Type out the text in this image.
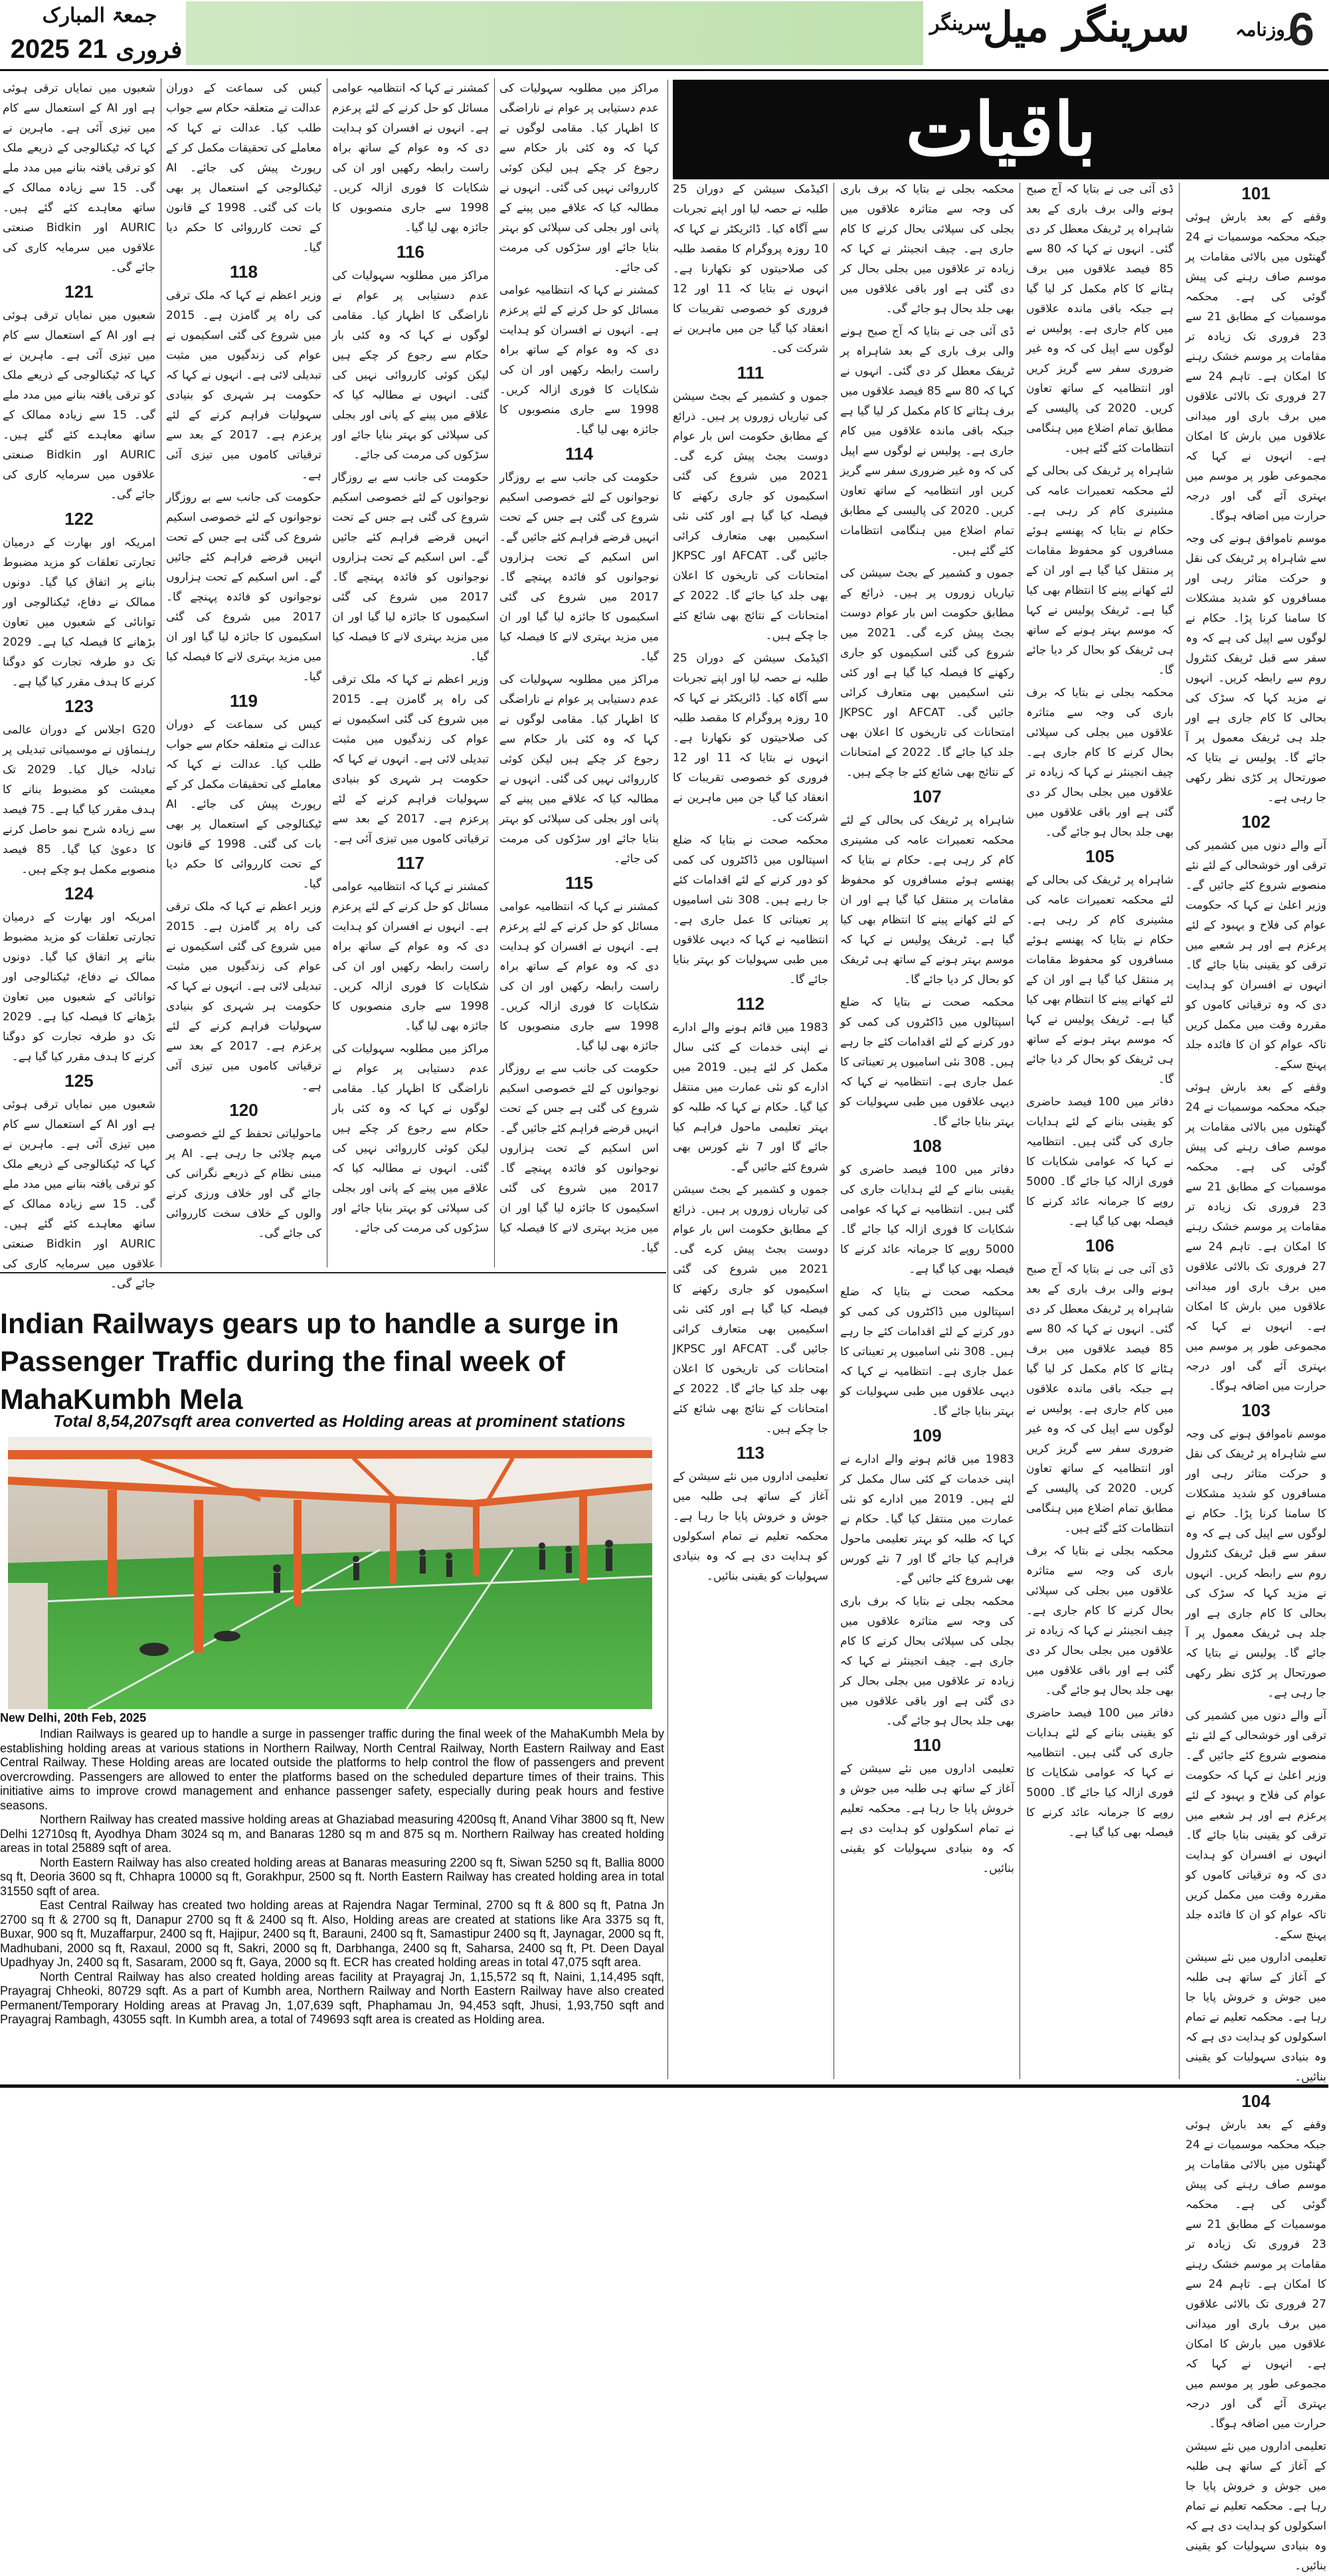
جمعۃ المبارک
2025 فروری 21
سرینگر
سرینگر میل روزنامہ
6
باقیات
101

وقفے کے بعد بارش ہوئی جبکہ محکمہ موسمیات نے 24 گھنٹوں میں بالائی مقامات پر موسم صاف رہنے کی پیش گوئی کی ہے۔ محکمہ موسمیات کے مطابق 21 سے 23 فروری تک زیادہ تر مقامات پر موسم خشک رہنے کا امکان ہے۔ تاہم 24 سے 27 فروری تک بالائی علاقوں میں برف باری اور میدانی علاقوں میں بارش کا امکان ہے۔ انہوں نے کہا کہ مجموعی طور پر موسم میں بہتری آئے گی اور درجہ حرارت میں اضافہ ہوگا۔

موسم ناموافق ہونے کی وجہ سے شاہراہ پر ٹریفک کی نقل و حرکت متاثر رہی اور مسافروں کو شدید مشکلات کا سامنا کرنا پڑا۔ حکام نے لوگوں سے اپیل کی ہے کہ وہ سفر سے قبل ٹریفک کنٹرول روم سے رابطہ کریں۔ انہوں نے مزید کہا کہ سڑک کی بحالی کا کام جاری ہے اور جلد ہی ٹریفک معمول پر آ جائے گا۔ پولیس نے بتایا کہ صورتحال پر کڑی نظر رکھی جا رہی ہے۔

102

آنے والے دنوں میں کشمیر کی ترقی اور خوشحالی کے لئے نئے منصوبے شروع کئے جائیں گے۔ وزیر اعلیٰ نے کہا کہ حکومت عوام کی فلاح و بہبود کے لئے پرعزم ہے اور ہر شعبے میں ترقی کو یقینی بنایا جائے گا۔ انہوں نے افسران کو ہدایت دی کہ وہ ترقیاتی کاموں کو مقررہ وقت میں مکمل کریں تاکہ عوام کو ان کا فائدہ جلد پہنچ سکے۔

وقفے کے بعد بارش ہوئی جبکہ محکمہ موسمیات نے 24 گھنٹوں میں بالائی مقامات پر موسم صاف رہنے کی پیش گوئی کی ہے۔ محکمہ موسمیات کے مطابق 21 سے 23 فروری تک زیادہ تر مقامات پر موسم خشک رہنے کا امکان ہے۔ تاہم 24 سے 27 فروری تک بالائی علاقوں میں برف باری اور میدانی علاقوں میں بارش کا امکان ہے۔ انہوں نے کہا کہ مجموعی طور پر موسم میں بہتری آئے گی اور درجہ حرارت میں اضافہ ہوگا۔

103

موسم ناموافق ہونے کی وجہ سے شاہراہ پر ٹریفک کی نقل و حرکت متاثر رہی اور مسافروں کو شدید مشکلات کا سامنا کرنا پڑا۔ حکام نے لوگوں سے اپیل کی ہے کہ وہ سفر سے قبل ٹریفک کنٹرول روم سے رابطہ کریں۔ انہوں نے مزید کہا کہ سڑک کی بحالی کا کام جاری ہے اور جلد ہی ٹریفک معمول پر آ جائے گا۔ پولیس نے بتایا کہ صورتحال پر کڑی نظر رکھی جا رہی ہے۔

آنے والے دنوں میں کشمیر کی ترقی اور خوشحالی کے لئے نئے منصوبے شروع کئے جائیں گے۔ وزیر اعلیٰ نے کہا کہ حکومت عوام کی فلاح و بہبود کے لئے پرعزم ہے اور ہر شعبے میں ترقی کو یقینی بنایا جائے گا۔ انہوں نے افسران کو ہدایت دی کہ وہ ترقیاتی کاموں کو مقررہ وقت میں مکمل کریں تاکہ عوام کو ان کا فائدہ جلد پہنچ سکے۔

تعلیمی اداروں میں نئے سیشن کے آغاز کے ساتھ ہی طلبہ میں جوش و خروش پایا جا رہا ہے۔ محکمہ تعلیم نے تمام اسکولوں کو ہدایت دی ہے کہ وہ بنیادی سہولیات کو یقینی بنائیں۔

104

وقفے کے بعد بارش ہوئی جبکہ محکمہ موسمیات نے 24 گھنٹوں میں بالائی مقامات پر موسم صاف رہنے کی پیش گوئی کی ہے۔ محکمہ موسمیات کے مطابق 21 سے 23 فروری تک زیادہ تر مقامات پر موسم خشک رہنے کا امکان ہے۔ تاہم 24 سے 27 فروری تک بالائی علاقوں میں برف باری اور میدانی علاقوں میں بارش کا امکان ہے۔ انہوں نے کہا کہ مجموعی طور پر موسم میں بہتری آئے گی اور درجہ حرارت میں اضافہ ہوگا۔

تعلیمی اداروں میں نئے سیشن کے آغاز کے ساتھ ہی طلبہ میں جوش و خروش پایا جا رہا ہے۔ محکمہ تعلیم نے تمام اسکولوں کو ہدایت دی ہے کہ وہ بنیادی سہولیات کو یقینی بنائیں۔

ڈی آئی جی نے بتایا کہ آج صبح ہونے والی برف باری کے بعد شاہراہ پر ٹریفک معطل کر دی گئی۔ انہوں نے کہا کہ 80 سے 85 فیصد علاقوں میں برف ہٹانے کا کام مکمل کر لیا گیا ہے جبکہ باقی ماندہ علاقوں میں کام جاری ہے۔ پولیس نے لوگوں سے اپیل کی کہ وہ غیر ضروری سفر سے گریز کریں اور انتظامیہ کے ساتھ تعاون کریں۔ 2020 کی پالیسی کے مطابق تمام اضلاع میں ہنگامی انتظامات کئے گئے ہیں۔

شاہراہ پر ٹریفک کی بحالی کے لئے محکمہ تعمیرات عامہ کی مشینری کام کر رہی ہے۔ حکام نے بتایا کہ پھنسے ہوئے مسافروں کو محفوظ مقامات پر منتقل کیا گیا ہے اور ان کے لئے کھانے پینے کا انتظام بھی کیا گیا ہے۔ ٹریفک پولیس نے کہا کہ موسم بہتر ہونے کے ساتھ ہی ٹریفک کو بحال کر دیا جائے گا۔

محکمہ بجلی نے بتایا کہ برف باری کی وجہ سے متاثرہ علاقوں میں بجلی کی سپلائی بحال کرنے کا کام جاری ہے۔ چیف انجینئر نے کہا کہ زیادہ تر علاقوں میں بجلی بحال کر دی گئی ہے اور باقی علاقوں میں بھی جلد بحال ہو جائے گی۔

105

شاہراہ پر ٹریفک کی بحالی کے لئے محکمہ تعمیرات عامہ کی مشینری کام کر رہی ہے۔ حکام نے بتایا کہ پھنسے ہوئے مسافروں کو محفوظ مقامات پر منتقل کیا گیا ہے اور ان کے لئے کھانے پینے کا انتظام بھی کیا گیا ہے۔ ٹریفک پولیس نے کہا کہ موسم بہتر ہونے کے ساتھ ہی ٹریفک کو بحال کر دیا جائے گا۔

دفاتر میں 100 فیصد حاضری کو یقینی بنانے کے لئے ہدایات جاری کی گئی ہیں۔ انتظامیہ نے کہا کہ عوامی شکایات کا فوری ازالہ کیا جائے گا۔ 5000 روپے کا جرمانہ عائد کرنے کا فیصلہ بھی کیا گیا ہے۔

106

ڈی آئی جی نے بتایا کہ آج صبح ہونے والی برف باری کے بعد شاہراہ پر ٹریفک معطل کر دی گئی۔ انہوں نے کہا کہ 80 سے 85 فیصد علاقوں میں برف ہٹانے کا کام مکمل کر لیا گیا ہے جبکہ باقی ماندہ علاقوں میں کام جاری ہے۔ پولیس نے لوگوں سے اپیل کی کہ وہ غیر ضروری سفر سے گریز کریں اور انتظامیہ کے ساتھ تعاون کریں۔ 2020 کی پالیسی کے مطابق تمام اضلاع میں ہنگامی انتظامات کئے گئے ہیں۔

محکمہ بجلی نے بتایا کہ برف باری کی وجہ سے متاثرہ علاقوں میں بجلی کی سپلائی بحال کرنے کا کام جاری ہے۔ چیف انجینئر نے کہا کہ زیادہ تر علاقوں میں بجلی بحال کر دی گئی ہے اور باقی علاقوں میں بھی جلد بحال ہو جائے گی۔

دفاتر میں 100 فیصد حاضری کو یقینی بنانے کے لئے ہدایات جاری کی گئی ہیں۔ انتظامیہ نے کہا کہ عوامی شکایات کا فوری ازالہ کیا جائے گا۔ 5000 روپے کا جرمانہ عائد کرنے کا فیصلہ بھی کیا گیا ہے۔

محکمہ بجلی نے بتایا کہ برف باری کی وجہ سے متاثرہ علاقوں میں بجلی کی سپلائی بحال کرنے کا کام جاری ہے۔ چیف انجینئر نے کہا کہ زیادہ تر علاقوں میں بجلی بحال کر دی گئی ہے اور باقی علاقوں میں بھی جلد بحال ہو جائے گی۔

ڈی آئی جی نے بتایا کہ آج صبح ہونے والی برف باری کے بعد شاہراہ پر ٹریفک معطل کر دی گئی۔ انہوں نے کہا کہ 80 سے 85 فیصد علاقوں میں برف ہٹانے کا کام مکمل کر لیا گیا ہے جبکہ باقی ماندہ علاقوں میں کام جاری ہے۔ پولیس نے لوگوں سے اپیل کی کہ وہ غیر ضروری سفر سے گریز کریں اور انتظامیہ کے ساتھ تعاون کریں۔ 2020 کی پالیسی کے مطابق تمام اضلاع میں ہنگامی انتظامات کئے گئے ہیں۔

جموں و کشمیر کے بجٹ سیشن کی تیاریاں زوروں پر ہیں۔ ذرائع کے مطابق حکومت اس بار عوام دوست بجٹ پیش کرے گی۔ 2021 میں شروع کی گئی اسکیموں کو جاری رکھنے کا فیصلہ کیا گیا ہے اور کئی نئی اسکیمیں بھی متعارف کرائی جائیں گی۔ AFCAT اور JKPSC امتحانات کی تاریخوں کا اعلان بھی جلد کیا جائے گا۔ 2022 کے امتحانات کے نتائج بھی شائع کئے جا چکے ہیں۔

107

شاہراہ پر ٹریفک کی بحالی کے لئے محکمہ تعمیرات عامہ کی مشینری کام کر رہی ہے۔ حکام نے بتایا کہ پھنسے ہوئے مسافروں کو محفوظ مقامات پر منتقل کیا گیا ہے اور ان کے لئے کھانے پینے کا انتظام بھی کیا گیا ہے۔ ٹریفک پولیس نے کہا کہ موسم بہتر ہونے کے ساتھ ہی ٹریفک کو بحال کر دیا جائے گا۔

محکمہ صحت نے بتایا کہ ضلع اسپتالوں میں ڈاکٹروں کی کمی کو دور کرنے کے لئے اقدامات کئے جا رہے ہیں۔ 308 نئی اسامیوں پر تعیناتی کا عمل جاری ہے۔ انتظامیہ نے کہا کہ دیہی علاقوں میں طبی سہولیات کو بہتر بنایا جائے گا۔

108

دفاتر میں 100 فیصد حاضری کو یقینی بنانے کے لئے ہدایات جاری کی گئی ہیں۔ انتظامیہ نے کہا کہ عوامی شکایات کا فوری ازالہ کیا جائے گا۔ 5000 روپے کا جرمانہ عائد کرنے کا فیصلہ بھی کیا گیا ہے۔

محکمہ صحت نے بتایا کہ ضلع اسپتالوں میں ڈاکٹروں کی کمی کو دور کرنے کے لئے اقدامات کئے جا رہے ہیں۔ 308 نئی اسامیوں پر تعیناتی کا عمل جاری ہے۔ انتظامیہ نے کہا کہ دیہی علاقوں میں طبی سہولیات کو بہتر بنایا جائے گا۔

109

1983 میں قائم ہونے والے ادارے نے اپنی خدمات کے کئی سال مکمل کر لئے ہیں۔ 2019 میں ادارے کو نئی عمارت میں منتقل کیا گیا۔ حکام نے کہا کہ طلبہ کو بہتر تعلیمی ماحول فراہم کیا جائے گا اور 7 نئے کورس بھی شروع کئے جائیں گے۔

محکمہ بجلی نے بتایا کہ برف باری کی وجہ سے متاثرہ علاقوں میں بجلی کی سپلائی بحال کرنے کا کام جاری ہے۔ چیف انجینئر نے کہا کہ زیادہ تر علاقوں میں بجلی بحال کر دی گئی ہے اور باقی علاقوں میں بھی جلد بحال ہو جائے گی۔

110

تعلیمی اداروں میں نئے سیشن کے آغاز کے ساتھ ہی طلبہ میں جوش و خروش پایا جا رہا ہے۔ محکمہ تعلیم نے تمام اسکولوں کو ہدایت دی ہے کہ وہ بنیادی سہولیات کو یقینی بنائیں۔

اکیڈمک سیشن کے دوران 25 طلبہ نے حصہ لیا اور اپنے تجربات سے آگاہ کیا۔ ڈائریکٹر نے کہا کہ 10 روزہ پروگرام کا مقصد طلبہ کی صلاحیتوں کو نکھارنا ہے۔ انہوں نے بتایا کہ 11 اور 12 فروری کو خصوصی تقریبات کا انعقاد کیا گیا جن میں ماہرین نے شرکت کی۔

111

جموں و کشمیر کے بجٹ سیشن کی تیاریاں زوروں پر ہیں۔ ذرائع کے مطابق حکومت اس بار عوام دوست بجٹ پیش کرے گی۔ 2021 میں شروع کی گئی اسکیموں کو جاری رکھنے کا فیصلہ کیا گیا ہے اور کئی نئی اسکیمیں بھی متعارف کرائی جائیں گی۔ AFCAT اور JKPSC امتحانات کی تاریخوں کا اعلان بھی جلد کیا جائے گا۔ 2022 کے امتحانات کے نتائج بھی شائع کئے جا چکے ہیں۔

اکیڈمک سیشن کے دوران 25 طلبہ نے حصہ لیا اور اپنے تجربات سے آگاہ کیا۔ ڈائریکٹر نے کہا کہ 10 روزہ پروگرام کا مقصد طلبہ کی صلاحیتوں کو نکھارنا ہے۔ انہوں نے بتایا کہ 11 اور 12 فروری کو خصوصی تقریبات کا انعقاد کیا گیا جن میں ماہرین نے شرکت کی۔

محکمہ صحت نے بتایا کہ ضلع اسپتالوں میں ڈاکٹروں کی کمی کو دور کرنے کے لئے اقدامات کئے جا رہے ہیں۔ 308 نئی اسامیوں پر تعیناتی کا عمل جاری ہے۔ انتظامیہ نے کہا کہ دیہی علاقوں میں طبی سہولیات کو بہتر بنایا جائے گا۔

112

1983 میں قائم ہونے والے ادارے نے اپنی خدمات کے کئی سال مکمل کر لئے ہیں۔ 2019 میں ادارے کو نئی عمارت میں منتقل کیا گیا۔ حکام نے کہا کہ طلبہ کو بہتر تعلیمی ماحول فراہم کیا جائے گا اور 7 نئے کورس بھی شروع کئے جائیں گے۔

جموں و کشمیر کے بجٹ سیشن کی تیاریاں زوروں پر ہیں۔ ذرائع کے مطابق حکومت اس بار عوام دوست بجٹ پیش کرے گی۔ 2021 میں شروع کی گئی اسکیموں کو جاری رکھنے کا فیصلہ کیا گیا ہے اور کئی نئی اسکیمیں بھی متعارف کرائی جائیں گی۔ AFCAT اور JKPSC امتحانات کی تاریخوں کا اعلان بھی جلد کیا جائے گا۔ 2022 کے امتحانات کے نتائج بھی شائع کئے جا چکے ہیں۔

113

تعلیمی اداروں میں نئے سیشن کے آغاز کے ساتھ ہی طلبہ میں جوش و خروش پایا جا رہا ہے۔ محکمہ تعلیم نے تمام اسکولوں کو ہدایت دی ہے کہ وہ بنیادی سہولیات کو یقینی بنائیں۔

مراکز میں مطلوبہ سہولیات کی عدم دستیابی پر عوام نے ناراضگی کا اظہار کیا۔ مقامی لوگوں نے کہا کہ وہ کئی بار حکام سے رجوع کر چکے ہیں لیکن کوئی کارروائی نہیں کی گئی۔ انہوں نے مطالبہ کیا کہ علاقے میں پینے کے پانی اور بجلی کی سپلائی کو بہتر بنایا جائے اور سڑکوں کی مرمت کی جائے۔

کمشنر نے کہا کہ انتظامیہ عوامی مسائل کو حل کرنے کے لئے پرعزم ہے۔ انہوں نے افسران کو ہدایت دی کہ وہ عوام کے ساتھ براہ راست رابطہ رکھیں اور ان کی شکایات کا فوری ازالہ کریں۔ 1998 سے جاری منصوبوں کا جائزہ بھی لیا گیا۔

114

حکومت کی جانب سے بے روزگار نوجوانوں کے لئے خصوصی اسکیم شروع کی گئی ہے جس کے تحت انہیں قرضے فراہم کئے جائیں گے۔ اس اسکیم کے تحت ہزاروں نوجوانوں کو فائدہ پہنچے گا۔ 2017 میں شروع کی گئی اسکیموں کا جائزہ لیا گیا اور ان میں مزید بہتری لانے کا فیصلہ کیا گیا۔

مراکز میں مطلوبہ سہولیات کی عدم دستیابی پر عوام نے ناراضگی کا اظہار کیا۔ مقامی لوگوں نے کہا کہ وہ کئی بار حکام سے رجوع کر چکے ہیں لیکن کوئی کارروائی نہیں کی گئی۔ انہوں نے مطالبہ کیا کہ علاقے میں پینے کے پانی اور بجلی کی سپلائی کو بہتر بنایا جائے اور سڑکوں کی مرمت کی جائے۔

115

کمشنر نے کہا کہ انتظامیہ عوامی مسائل کو حل کرنے کے لئے پرعزم ہے۔ انہوں نے افسران کو ہدایت دی کہ وہ عوام کے ساتھ براہ راست رابطہ رکھیں اور ان کی شکایات کا فوری ازالہ کریں۔ 1998 سے جاری منصوبوں کا جائزہ بھی لیا گیا۔

حکومت کی جانب سے بے روزگار نوجوانوں کے لئے خصوصی اسکیم شروع کی گئی ہے جس کے تحت انہیں قرضے فراہم کئے جائیں گے۔ اس اسکیم کے تحت ہزاروں نوجوانوں کو فائدہ پہنچے گا۔ 2017 میں شروع کی گئی اسکیموں کا جائزہ لیا گیا اور ان میں مزید بہتری لانے کا فیصلہ کیا گیا۔

کمشنر نے کہا کہ انتظامیہ عوامی مسائل کو حل کرنے کے لئے پرعزم ہے۔ انہوں نے افسران کو ہدایت دی کہ وہ عوام کے ساتھ براہ راست رابطہ رکھیں اور ان کی شکایات کا فوری ازالہ کریں۔ 1998 سے جاری منصوبوں کا جائزہ بھی لیا گیا۔

116

مراکز میں مطلوبہ سہولیات کی عدم دستیابی پر عوام نے ناراضگی کا اظہار کیا۔ مقامی لوگوں نے کہا کہ وہ کئی بار حکام سے رجوع کر چکے ہیں لیکن کوئی کارروائی نہیں کی گئی۔ انہوں نے مطالبہ کیا کہ علاقے میں پینے کے پانی اور بجلی کی سپلائی کو بہتر بنایا جائے اور سڑکوں کی مرمت کی جائے۔

حکومت کی جانب سے بے روزگار نوجوانوں کے لئے خصوصی اسکیم شروع کی گئی ہے جس کے تحت انہیں قرضے فراہم کئے جائیں گے۔ اس اسکیم کے تحت ہزاروں نوجوانوں کو فائدہ پہنچے گا۔ 2017 میں شروع کی گئی اسکیموں کا جائزہ لیا گیا اور ان میں مزید بہتری لانے کا فیصلہ کیا گیا۔

وزیر اعظم نے کہا کہ ملک ترقی کی راہ پر گامزن ہے۔ 2015 میں شروع کی گئی اسکیموں نے عوام کی زندگیوں میں مثبت تبدیلی لائی ہے۔ انہوں نے کہا کہ حکومت ہر شہری کو بنیادی سہولیات فراہم کرنے کے لئے پرعزم ہے۔ 2017 کے بعد سے ترقیاتی کاموں میں تیزی آئی ہے۔

117

کمشنر نے کہا کہ انتظامیہ عوامی مسائل کو حل کرنے کے لئے پرعزم ہے۔ انہوں نے افسران کو ہدایت دی کہ وہ عوام کے ساتھ براہ راست رابطہ رکھیں اور ان کی شکایات کا فوری ازالہ کریں۔ 1998 سے جاری منصوبوں کا جائزہ بھی لیا گیا۔

مراکز میں مطلوبہ سہولیات کی عدم دستیابی پر عوام نے ناراضگی کا اظہار کیا۔ مقامی لوگوں نے کہا کہ وہ کئی بار حکام سے رجوع کر چکے ہیں لیکن کوئی کارروائی نہیں کی گئی۔ انہوں نے مطالبہ کیا کہ علاقے میں پینے کے پانی اور بجلی کی سپلائی کو بہتر بنایا جائے اور سڑکوں کی مرمت کی جائے۔

کیس کی سماعت کے دوران عدالت نے متعلقہ حکام سے جواب طلب کیا۔ عدالت نے کہا کہ معاملے کی تحقیقات مکمل کر کے رپورٹ پیش کی جائے۔ AI ٹیکنالوجی کے استعمال پر بھی بات کی گئی۔ 1998 کے قانون کے تحت کارروائی کا حکم دیا گیا۔

118

وزیر اعظم نے کہا کہ ملک ترقی کی راہ پر گامزن ہے۔ 2015 میں شروع کی گئی اسکیموں نے عوام کی زندگیوں میں مثبت تبدیلی لائی ہے۔ انہوں نے کہا کہ حکومت ہر شہری کو بنیادی سہولیات فراہم کرنے کے لئے پرعزم ہے۔ 2017 کے بعد سے ترقیاتی کاموں میں تیزی آئی ہے۔

حکومت کی جانب سے بے روزگار نوجوانوں کے لئے خصوصی اسکیم شروع کی گئی ہے جس کے تحت انہیں قرضے فراہم کئے جائیں گے۔ اس اسکیم کے تحت ہزاروں نوجوانوں کو فائدہ پہنچے گا۔ 2017 میں شروع کی گئی اسکیموں کا جائزہ لیا گیا اور ان میں مزید بہتری لانے کا فیصلہ کیا گیا۔

119

کیس کی سماعت کے دوران عدالت نے متعلقہ حکام سے جواب طلب کیا۔ عدالت نے کہا کہ معاملے کی تحقیقات مکمل کر کے رپورٹ پیش کی جائے۔ AI ٹیکنالوجی کے استعمال پر بھی بات کی گئی۔ 1998 کے قانون کے تحت کارروائی کا حکم دیا گیا۔

وزیر اعظم نے کہا کہ ملک ترقی کی راہ پر گامزن ہے۔ 2015 میں شروع کی گئی اسکیموں نے عوام کی زندگیوں میں مثبت تبدیلی لائی ہے۔ انہوں نے کہا کہ حکومت ہر شہری کو بنیادی سہولیات فراہم کرنے کے لئے پرعزم ہے۔ 2017 کے بعد سے ترقیاتی کاموں میں تیزی آئی ہے۔

120

ماحولیاتی تحفظ کے لئے خصوصی مہم چلائی جا رہی ہے۔ AI پر مبنی نظام کے ذریعے نگرانی کی جائے گی اور خلاف ورزی کرنے والوں کے خلاف سخت کارروائی کی جائے گی۔

شعبوں میں نمایاں ترقی ہوئی ہے اور AI کے استعمال سے کام میں تیزی آئی ہے۔ ماہرین نے کہا کہ ٹیکنالوجی کے ذریعے ملک کو ترقی یافتہ بنانے میں مدد ملے گی۔ 15 سے زیادہ ممالک کے ساتھ معاہدے کئے گئے ہیں۔ AURIC اور Bidkin صنعتی علاقوں میں سرمایہ کاری کی جائے گی۔

121

شعبوں میں نمایاں ترقی ہوئی ہے اور AI کے استعمال سے کام میں تیزی آئی ہے۔ ماہرین نے کہا کہ ٹیکنالوجی کے ذریعے ملک کو ترقی یافتہ بنانے میں مدد ملے گی۔ 15 سے زیادہ ممالک کے ساتھ معاہدے کئے گئے ہیں۔ AURIC اور Bidkin صنعتی علاقوں میں سرمایہ کاری کی جائے گی۔

122

امریکہ اور بھارت کے درمیان تجارتی تعلقات کو مزید مضبوط بنانے پر اتفاق کیا گیا۔ دونوں ممالک نے دفاع، ٹیکنالوجی اور توانائی کے شعبوں میں تعاون بڑھانے کا فیصلہ کیا ہے۔ 2029 تک دو طرفہ تجارت کو دوگنا کرنے کا ہدف مقرر کیا گیا ہے۔

123

G20 اجلاس کے دوران عالمی رہنماؤں نے موسمیاتی تبدیلی پر تبادلہ خیال کیا۔ 2029 تک معیشت کو مضبوط بنانے کا ہدف مقرر کیا گیا ہے۔ 75 فیصد سے زیادہ شرح نمو حاصل کرنے کا دعویٰ کیا گیا۔ 85 فیصد منصوبے مکمل ہو چکے ہیں۔

124

امریکہ اور بھارت کے درمیان تجارتی تعلقات کو مزید مضبوط بنانے پر اتفاق کیا گیا۔ دونوں ممالک نے دفاع، ٹیکنالوجی اور توانائی کے شعبوں میں تعاون بڑھانے کا فیصلہ کیا ہے۔ 2029 تک دو طرفہ تجارت کو دوگنا کرنے کا ہدف مقرر کیا گیا ہے۔

125

شعبوں میں نمایاں ترقی ہوئی ہے اور AI کے استعمال سے کام میں تیزی آئی ہے۔ ماہرین نے کہا کہ ٹیکنالوجی کے ذریعے ملک کو ترقی یافتہ بنانے میں مدد ملے گی۔ 15 سے زیادہ ممالک کے ساتھ معاہدے کئے گئے ہیں۔ AURIC اور Bidkin صنعتی علاقوں میں سرمایہ کاری کی جائے گی۔

Indian Railways gears up to handle a surge in Passenger Traffic during the final week of MahaKumbh Mela
Total 8,54,207sqft area converted as Holding areas at prominent stations
New Delhi, 20th Feb, 2025

Indian Railways is geared up to handle a surge in passenger traffic during the final week of the MahaKumbh Mela by establishing holding areas at various stations in Northern Railway, North Central Railway, North Eastern Railway and East Central Railway. These Holding areas are located outside the platforms to help control the flow of passengers and prevent overcrowding. Passengers are allowed to enter the platforms based on the scheduled departure times of their trains. This initiative aims to improve crowd management and enhance passenger safety, especially during peak hours and festive seasons.

Northern Railway has created massive holding areas at Ghaziabad measuring 4200sq ft, Anand Vihar 3800 sq ft, New Delhi 12710sq ft, Ayodhya Dham 3024 sq m, and Banaras 1280 sq m and 875 sq m. Northern Railway has created holding areas in total 25889 sqft of area.

North Eastern Railway has also created holding areas at Banaras measuring 2200 sq ft, Siwan 5250 sq ft, Ballia 8000 sq ft, Deoria 3600 sq ft, Chhapra 10000 sq ft, Gorakhpur, 2500 sq ft. North Eastern Railway has created holding area in total 31550 sqft of area.

East Central Railway has created two holding areas at Rajendra Nagar Terminal, 2700 sq ft & 800 sq ft, Patna Jn 2700 sq ft & 2700 sq ft, Danapur 2700 sq ft & 2400 sq ft. Also, Holding areas are created at stations like Ara 3375 sq ft, Buxar, 900 sq ft, Muzaffarpur, 2400 sq ft, Hajipur, 2400 sq ft, Barauni, 2400 sq ft, Samastipur 2400 sq ft, Jaynagar, 2000 sq ft, Madhubani, 2000 sq ft, Raxaul, 2000 sq ft, Sakri, 2000 sq ft, Darbhanga, 2400 sq ft, Saharsa, 2400 sq ft, Pt. Deen Dayal Upadhyay Jn, 2400 sq ft, Sasaram, 2000 sq ft, Gaya, 2000 sq ft. ECR has created holding areas in total 47,075 sqft area.

North Central Railway has also created holding areas facility at Prayagraj Jn, 1,15,572 sq ft, Naini, 1,14,495 sqft, Prayagraj Chheoki, 80729 sqft. As a part of Kumbh area, Northern Railway and North Eastern Railway have also created Permanent/Temporary Holding areas at Pravag Jn, 1,07,639 sqft, Phaphamau Jn, 94,453 sqft, Jhusi, 1,93,750 sqft and Prayagraj Rambagh, 43055 sqft. In Kumbh area, a total of 749693 sqft area is created as Holding area.
